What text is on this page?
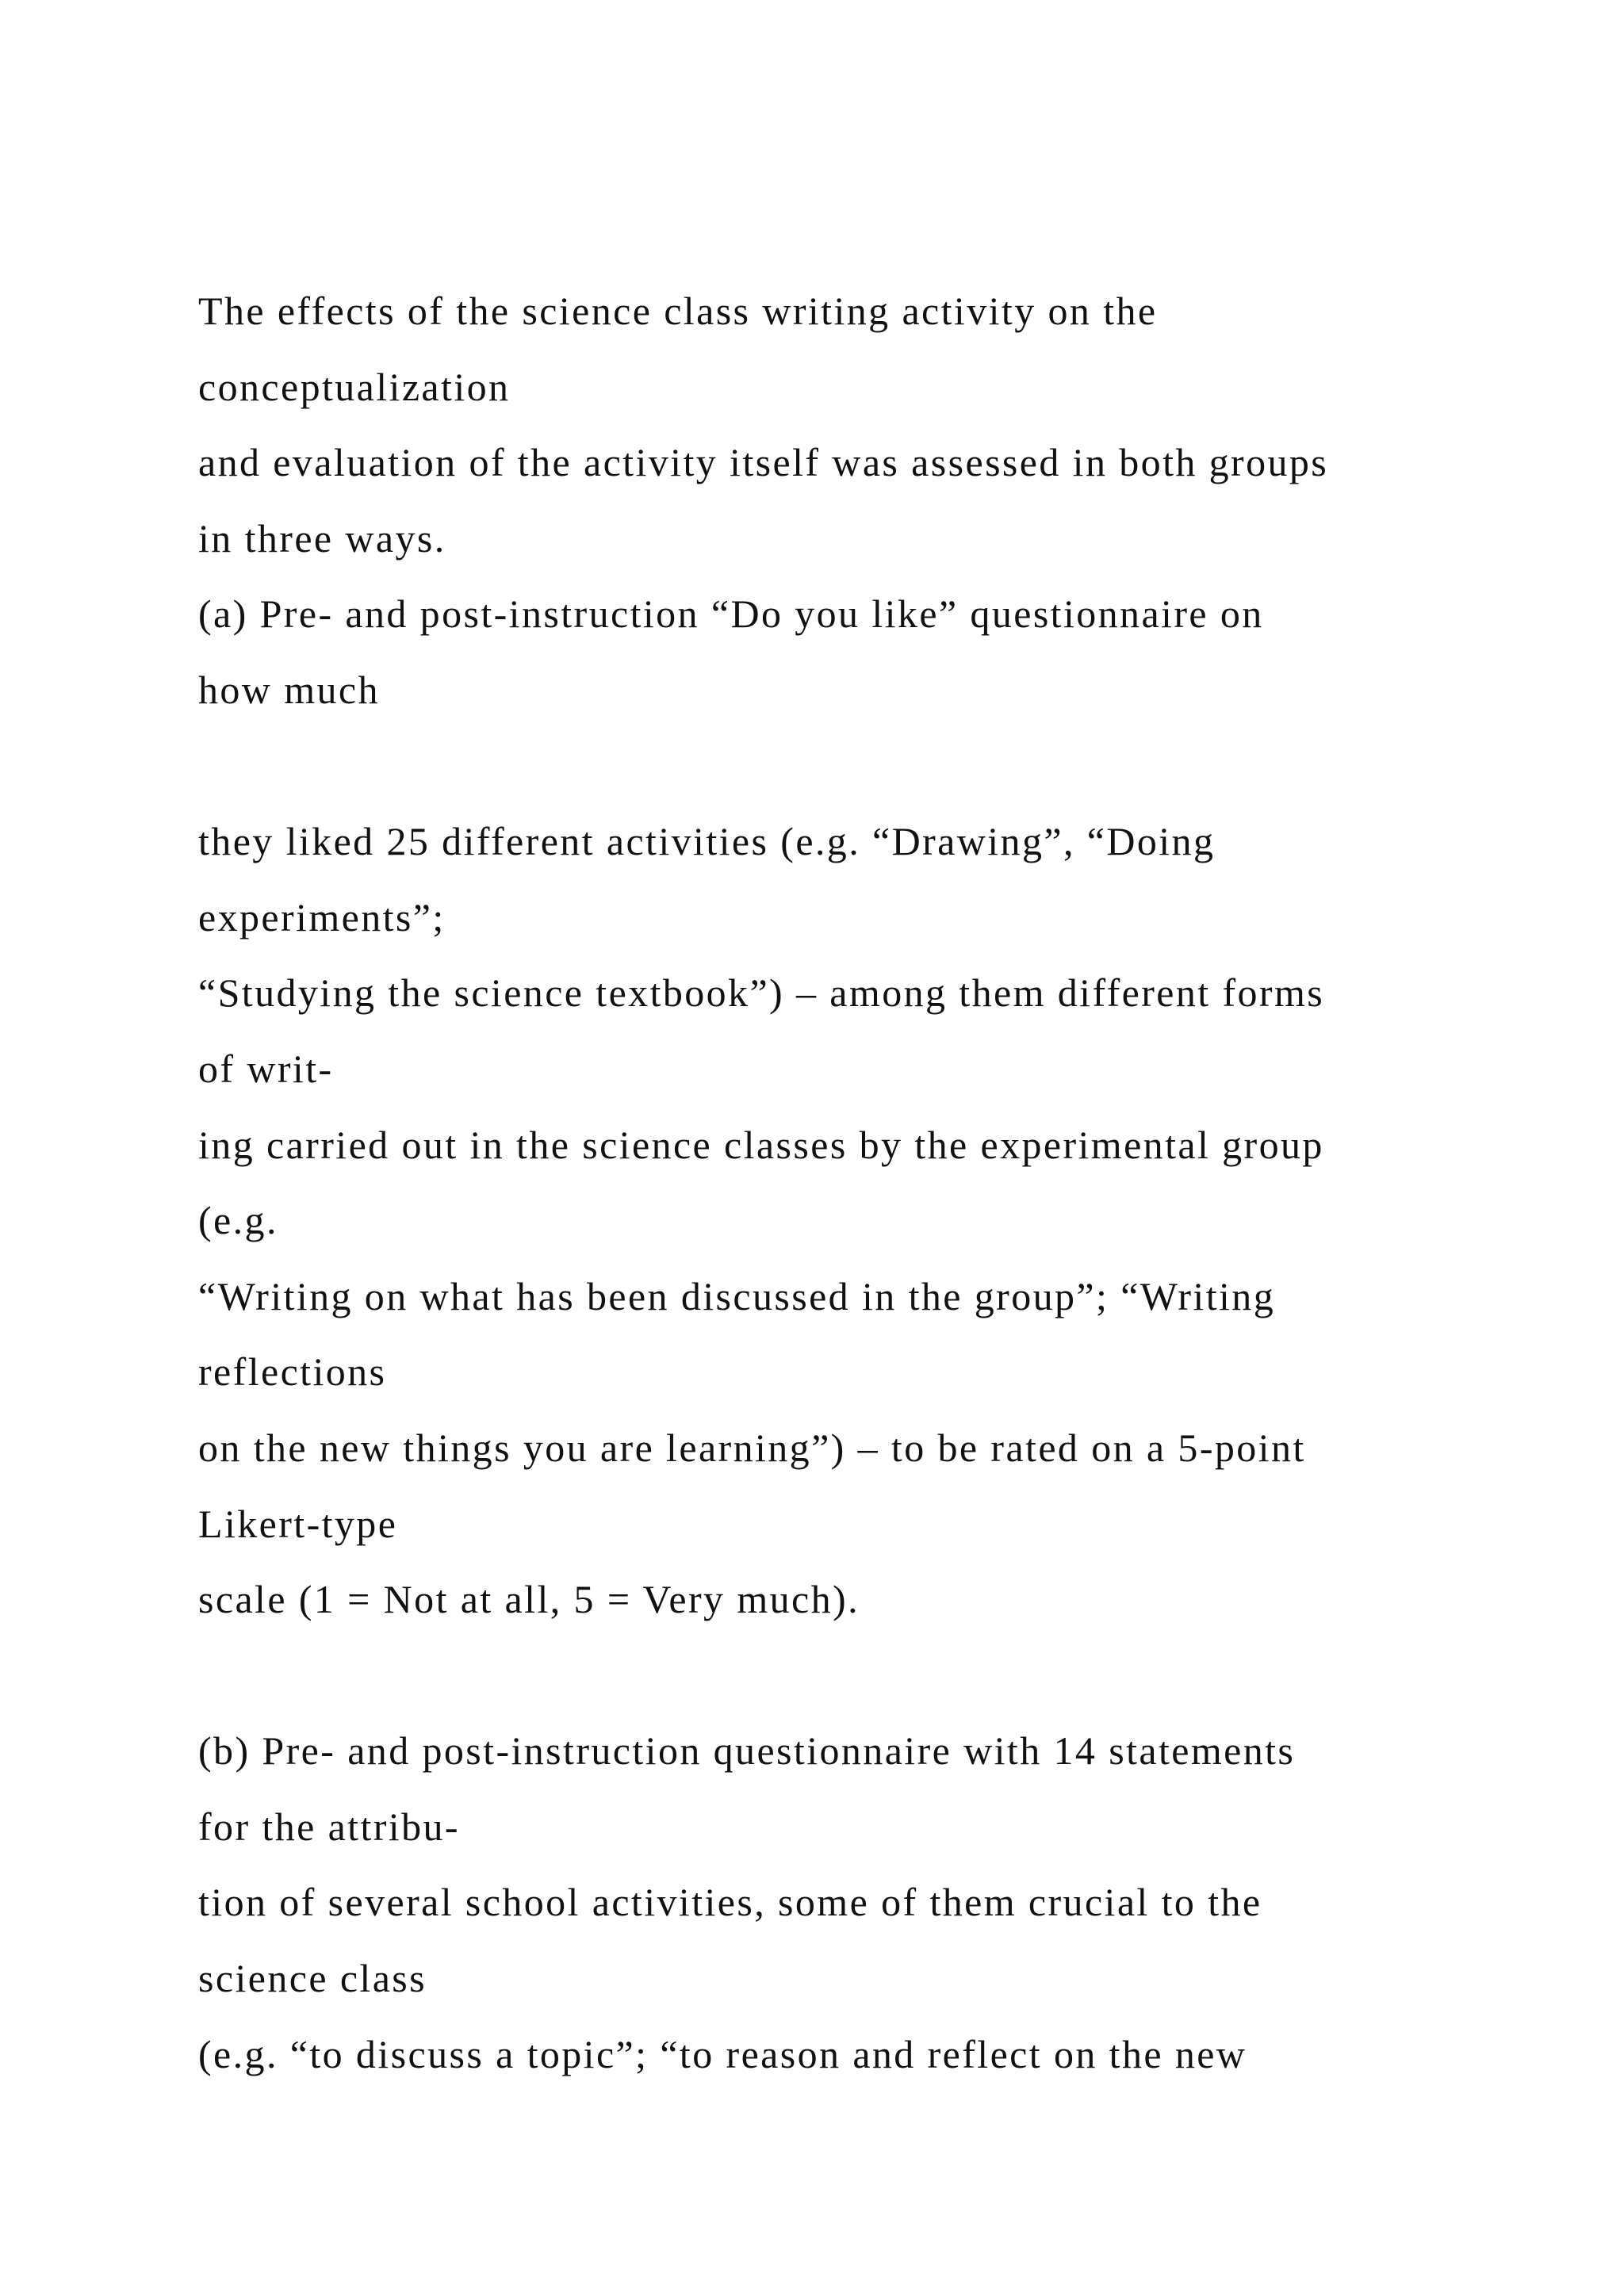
The effects of the science class writing activity on the
conceptualization
and evaluation of the activity itself was assessed in both groups
in three ways.
(a) Pre- and post-instruction “Do you like” questionnaire on
how much
they liked 25 different activities (e.g. “Drawing”, “Doing
experiments”;
“Studying the science textbook”) – among them different forms
of writ-
ing carried out in the science classes by the experimental group
(e.g.
“Writing on what has been discussed in the group”; “Writing
reflections
on the new things you are learning”) – to be rated on a 5-point
Likert-type
scale (1 = Not at all, 5 = Very much).
(b) Pre- and post-instruction questionnaire with 14 statements
for the attribu-
tion of several school activities, some of them crucial to the
science class
(e.g. “to discuss a topic”; “to reason and reflect on the new
